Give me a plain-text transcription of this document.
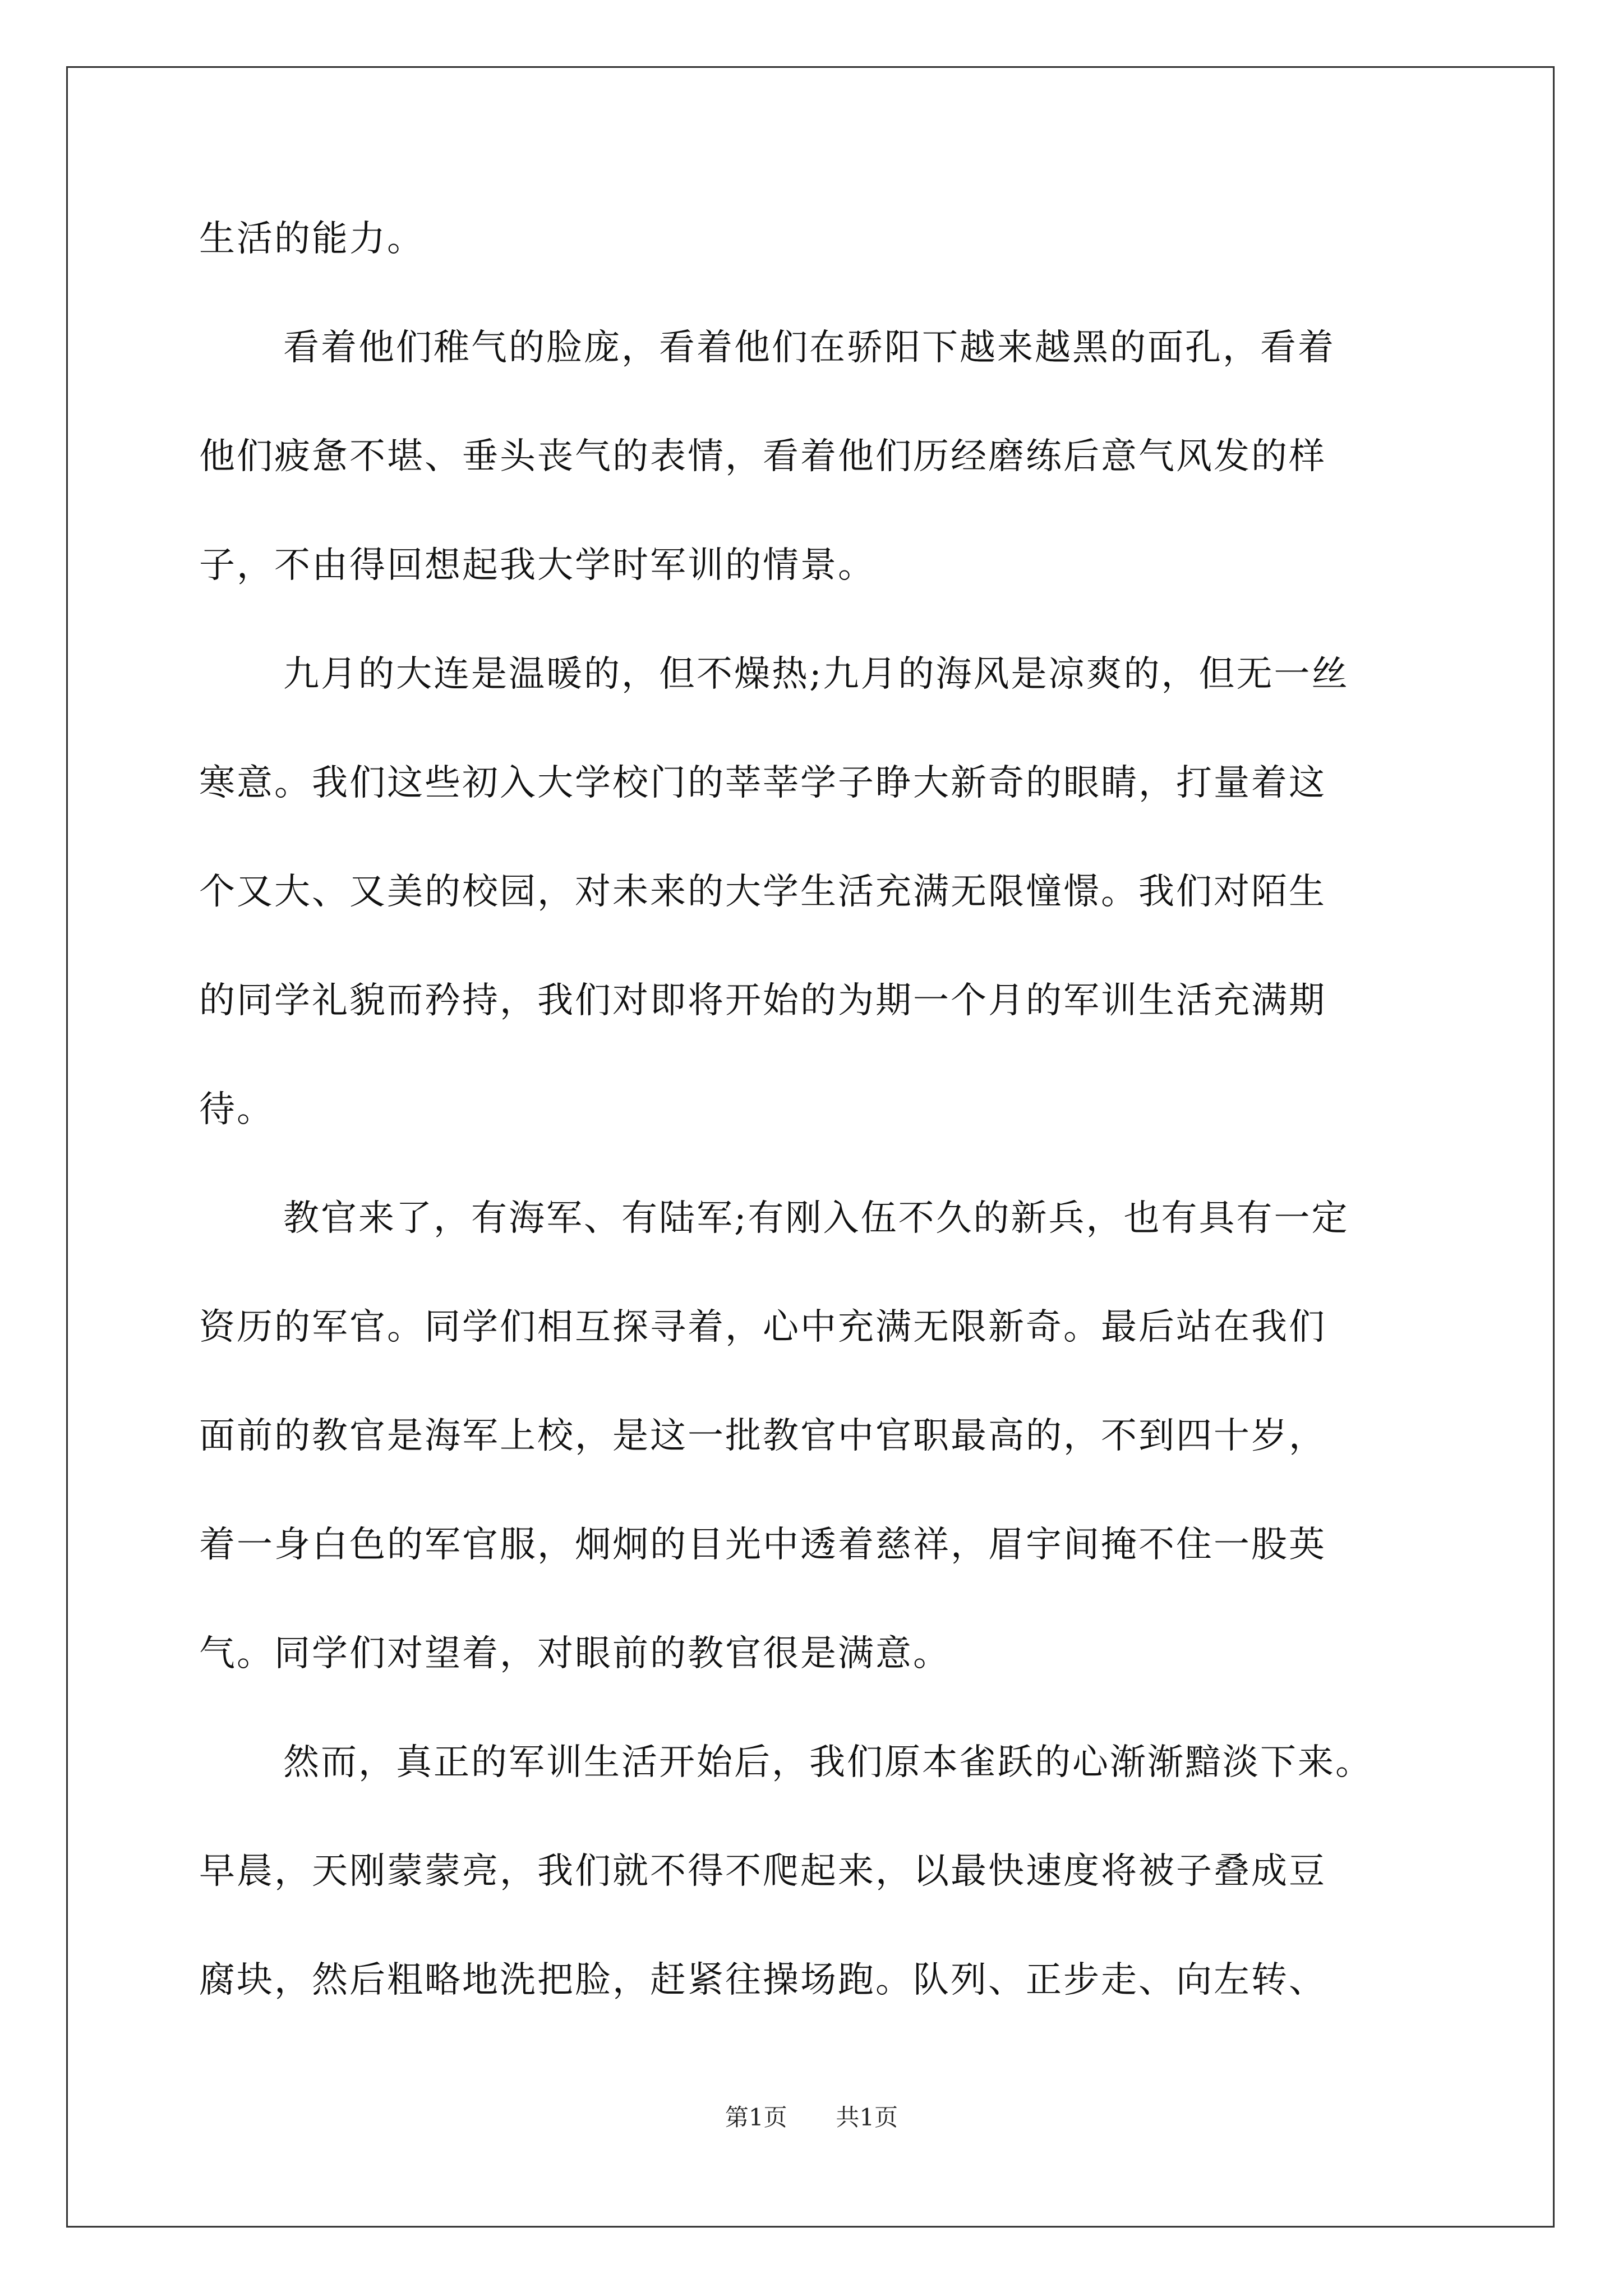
生活的能力。
看着他们稚气的脸庞，看着他们在骄阳下越来越黑的面孔，看着
他们疲惫不堪、垂头丧气的表情，看着他们历经磨练后意气风发的样
子，不由得回想起我大学时军训的情景。
九月的大连是温暖的，但不燥热;九月的海风是凉爽的，但无一丝
寒意。我们这些初入大学校门的莘莘学子睁大新奇的眼睛，打量着这
个又大、又美的校园，对未来的大学生活充满无限憧憬。我们对陌生
的同学礼貌而矜持，我们对即将开始的为期一个月的军训生活充满期
待。
教官来了，有海军、有陆军;有刚入伍不久的新兵，也有具有一定
资历的军官。同学们相互探寻着，心中充满无限新奇。最后站在我们
面前的教官是海军上校，是这一批教官中官职最高的，不到四十岁，
着一身白色的军官服，炯炯的目光中透着慈祥，眉宇间掩不住一股英
气。同学们对望着，对眼前的教官很是满意。
然而，真正的军训生活开始后，我们原本雀跃的心渐渐黯淡下来。
早晨，天刚蒙蒙亮，我们就不得不爬起来，以最快速度将被子叠成豆
腐块，然后粗略地洗把脸，赶紧往操场跑。队列、正步走、向左转、
第1页 共1页
